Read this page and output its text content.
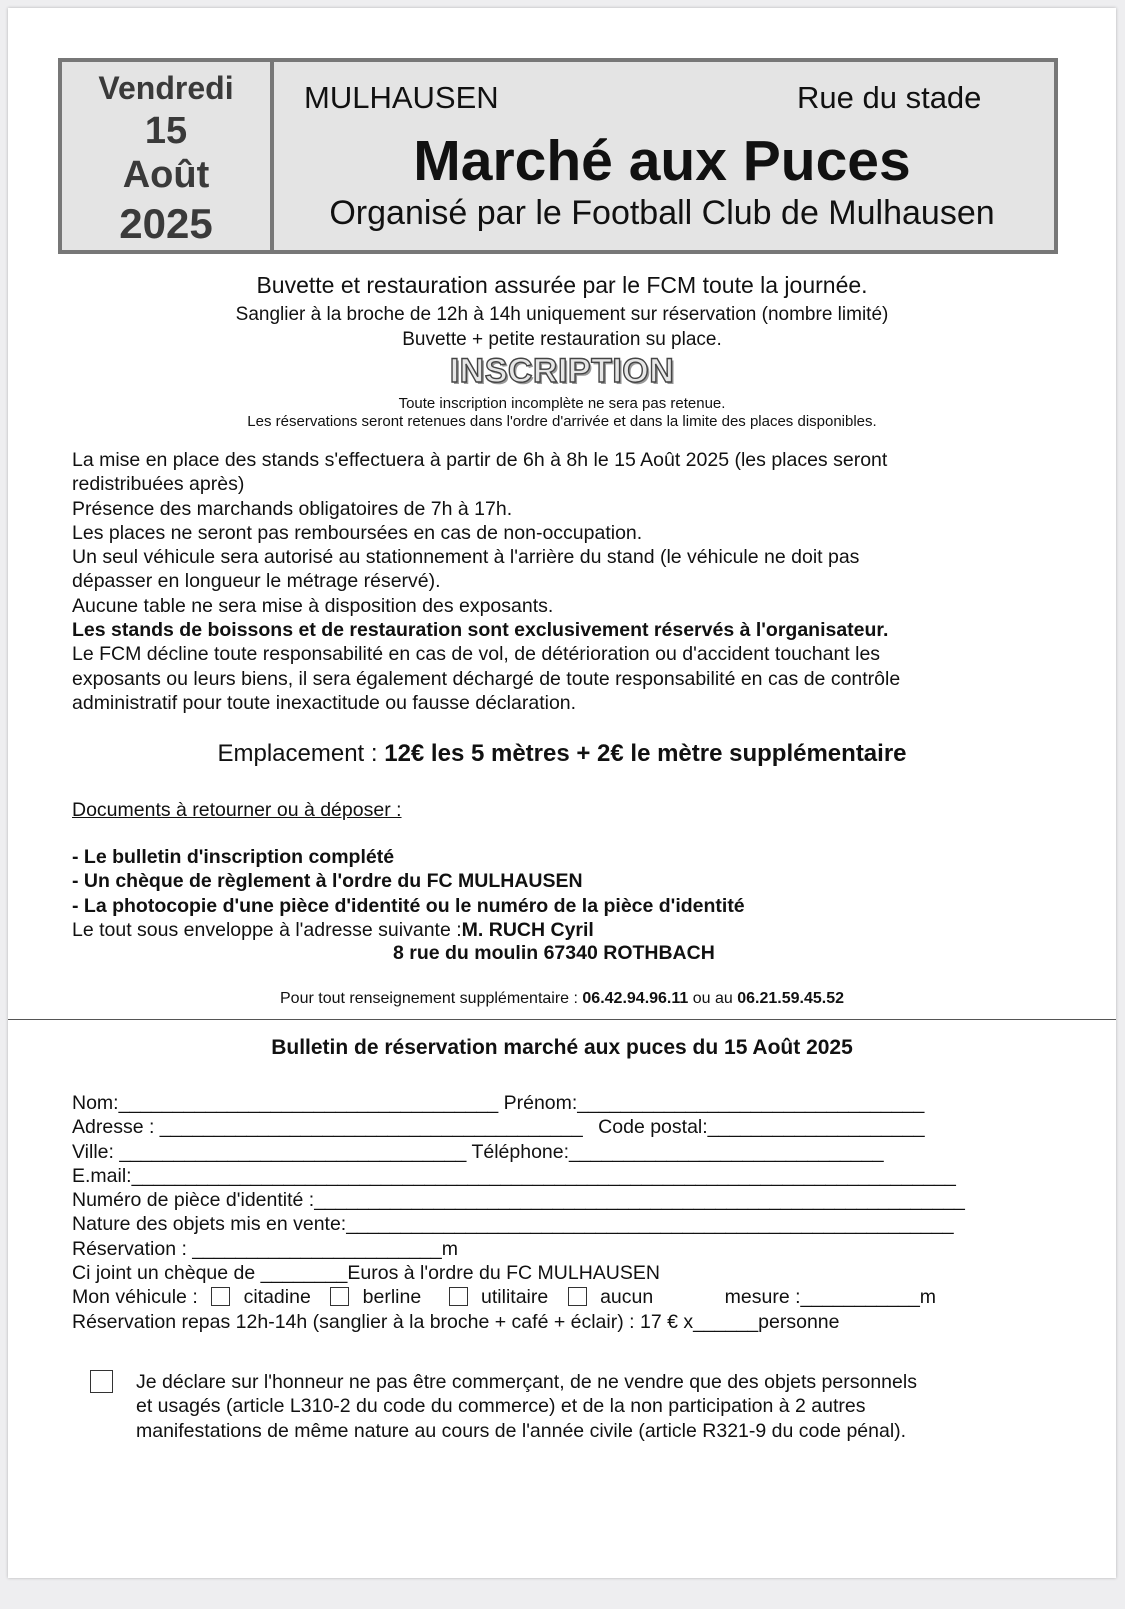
Vendredi
15
Août
2025
MULHAUSEN	Rue du stade
Marché aux Puces
Organisé par le Football Club de Mulhausen
Buvette et restauration assurée par le FCM toute la journée.
Sanglier à la broche de 12h à 14h uniquement sur réservation (nombre limité)
Buvette + petite restauration su place.
INSCRIPTION
Toute inscription incomplète ne sera pas retenue.
Les réservations seront retenues dans l'ordre d'arrivée et dans la limite des places disponibles.
La mise en place des stands s'effectuera à partir de 6h à 8h le 15 Août 2025 (les places seront
redistribuées après)
Présence des marchands obligatoires de 7h à 17h.
Les places ne seront pas remboursées en cas de non-occupation.
Un seul véhicule sera autorisé au stationnement à l'arrière du stand (le véhicule ne doit pas
dépasser en longueur le métrage réservé).
Aucune table ne sera mise à disposition des exposants.
Les stands de boissons et de restauration sont exclusivement réservés à l'organisateur.
Le FCM décline toute responsabilité en cas de vol, de détérioration ou d'accident touchant les
exposants ou leurs biens, il sera également déchargé de toute responsabilité en cas de contrôle
administratif pour toute inexactitude ou fausse déclaration.
Emplacement : 12€ les 5 mètres + 2€ le mètre supplémentaire
Documents à retourner ou à déposer :
- Le bulletin d'inscription complété
- Un chèque de règlement à l'ordre du FC MULHAUSEN
- La photocopie d'une pièce d'identité ou le numéro de la pièce d'identité
Le tout sous enveloppe à l'adresse suivante :M. RUCH Cyril
8 rue du moulin 67340 ROTHBACH
Pour tout renseignement supplémentaire : 06.42.94.96.11 ou au 06.21.59.45.52
Bulletin de réservation marché aux puces du 15 Août 2025
Nom:___________________________________ Prénom:________________________________
Adresse : _______________________________________ Code postal:____________________
Ville: ________________________________ Téléphone:_____________________________
E.mail:____________________________________________________________________________
Numéro de pièce d'identité :____________________________________________________________
Nature des objets mis en vente:________________________________________________________
Réservation : _______________________m
Ci joint un chèque de ________Euros à l'ordre du FC MULHAUSEN
Mon véhicule : citadine	berline	utilitaire	aucun	mesure :___________m
Réservation repas 12h-14h (sanglier à la broche + café + éclair) : 17 € x______personne
Je déclare sur l'honneur ne pas être commerçant, de ne vendre que des objets personnels
et usagés (article L310-2 du code du commerce) et de la non participation à 2 autres
manifestations de même nature au cours de l'année civile (article R321-9 du code pénal).
